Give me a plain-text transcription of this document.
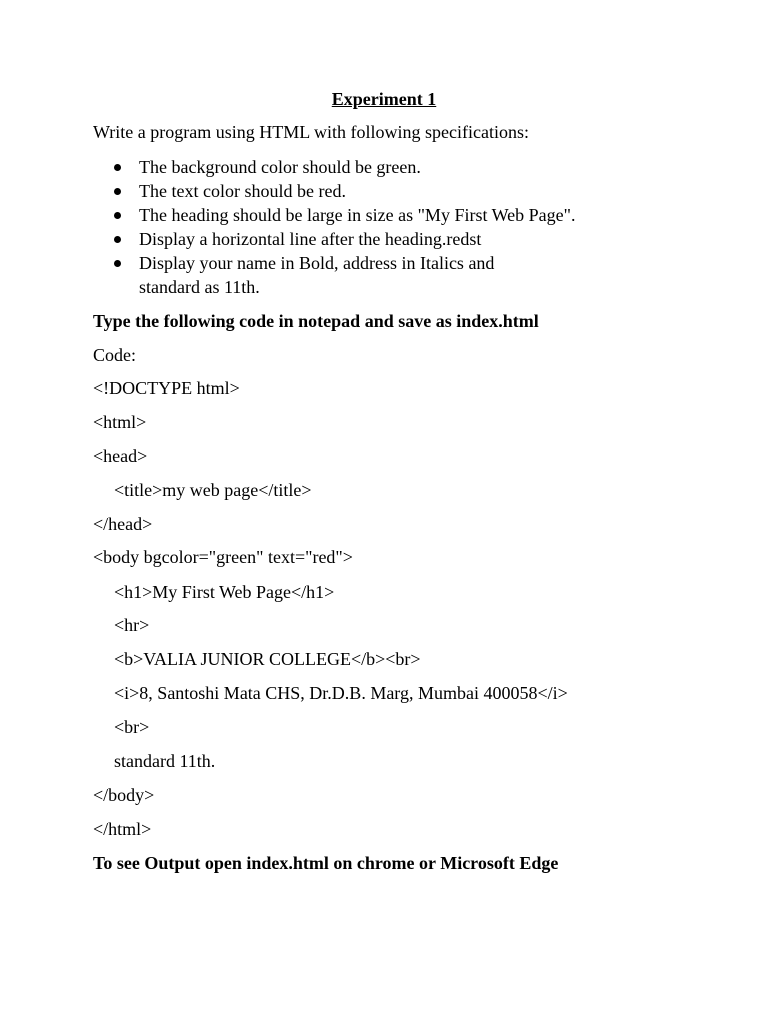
Experiment 1
Write a program using HTML with following specifications:

The background color should be green.

The text color should be red.

The heading should be large in size as "My First Web Page".

Display a horizontal line after the heading.redst

Display your name in Bold, address in Italics and

standard as 11th.
Type the following code in notepad and save as index.html
Code:
<!DOCTYPE html>
<html>
<head>
<title>my web page</title>
</head>
<body bgcolor="green" text="red">
<h1>My First Web Page</h1>
<hr>
<b>VALIA JUNIOR COLLEGE</b><br>
<i>8, Santoshi Mata CHS, Dr.D.B. Marg, Mumbai 400058</i>
<br>
standard 11th.
</body>
</html>
To see Output open index.html on chrome or Microsoft Edge
